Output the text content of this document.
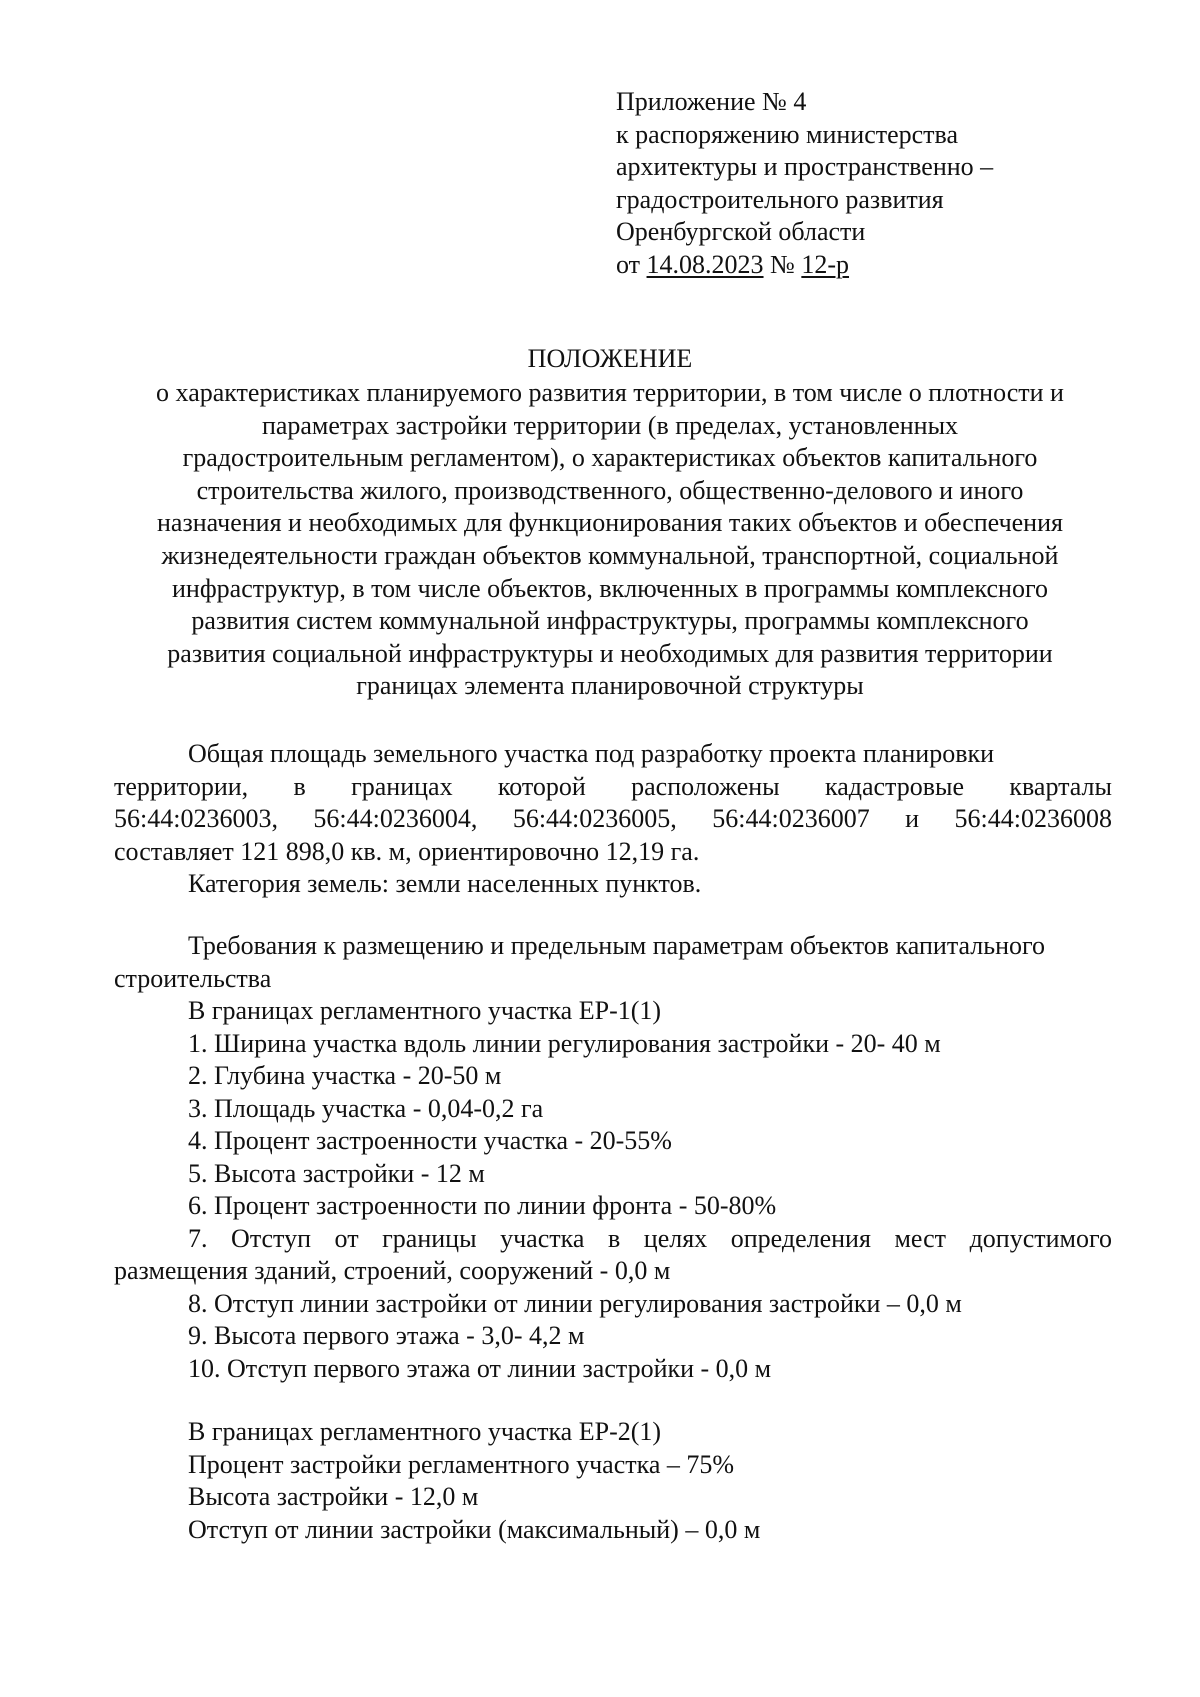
Приложение № 4
к распоряжению министерства
архитектуры и пространственно –
градостроительного развития
Оренбургской области
от 14.08.2023 № 12-р
ПОЛОЖЕНИЕ
о характеристиках планируемого развития территории, в том числе о плотности и
параметрах застройки территории (в пределах, установленных
градостроительным регламентом), о характеристиках объектов капитального
строительства жилого, производственного, общественно-делового и иного
назначения и необходимых для функционирования таких объектов и обеспечения
жизнедеятельности граждан объектов коммунальной, транспортной, социальной
инфраструктур, в том числе объектов, включенных в программы комплексного
развития систем коммунальной инфраструктуры, программы комплексного
развития социальной инфраструктуры и необходимых для развития территории
границах элемента планировочной структуры
Общая площадь земельного участка под разработку проекта планировки
территории, в границах которой расположены кадастровые кварталы
56:44:0236003, 56:44:0236004, 56:44:0236005, 56:44:0236007 и 56:44:0236008
составляет 121 898,0 кв. м, ориентировочно 12,19 га.
Категория земель: земли населенных пунктов.
Требования к размещению и предельным параметрам объектов капитального
строительства
В границах регламентного участка ЕР-1(1)
1. Ширина участка вдоль линии регулирования застройки - 20- 40 м
2. Глубина участка - 20-50 м
3. Площадь участка - 0,04-0,2 га
4. Процент застроенности участка - 20-55%
5. Высота застройки - 12 м
6. Процент застроенности по линии фронта - 50-80%
7. Отступ от границы участка в целях определения мест допустимого
размещения зданий, строений, сооружений - 0,0 м
8. Отступ линии застройки от линии регулирования застройки – 0,0 м
9. Высота первого этажа - 3,0- 4,2 м
10. Отступ первого этажа от линии застройки - 0,0 м
В границах регламентного участка ЕР-2(1)
Процент застройки регламентного участка – 75%
Высота застройки - 12,0 м
Отступ от линии застройки (максимальный) – 0,0 м
